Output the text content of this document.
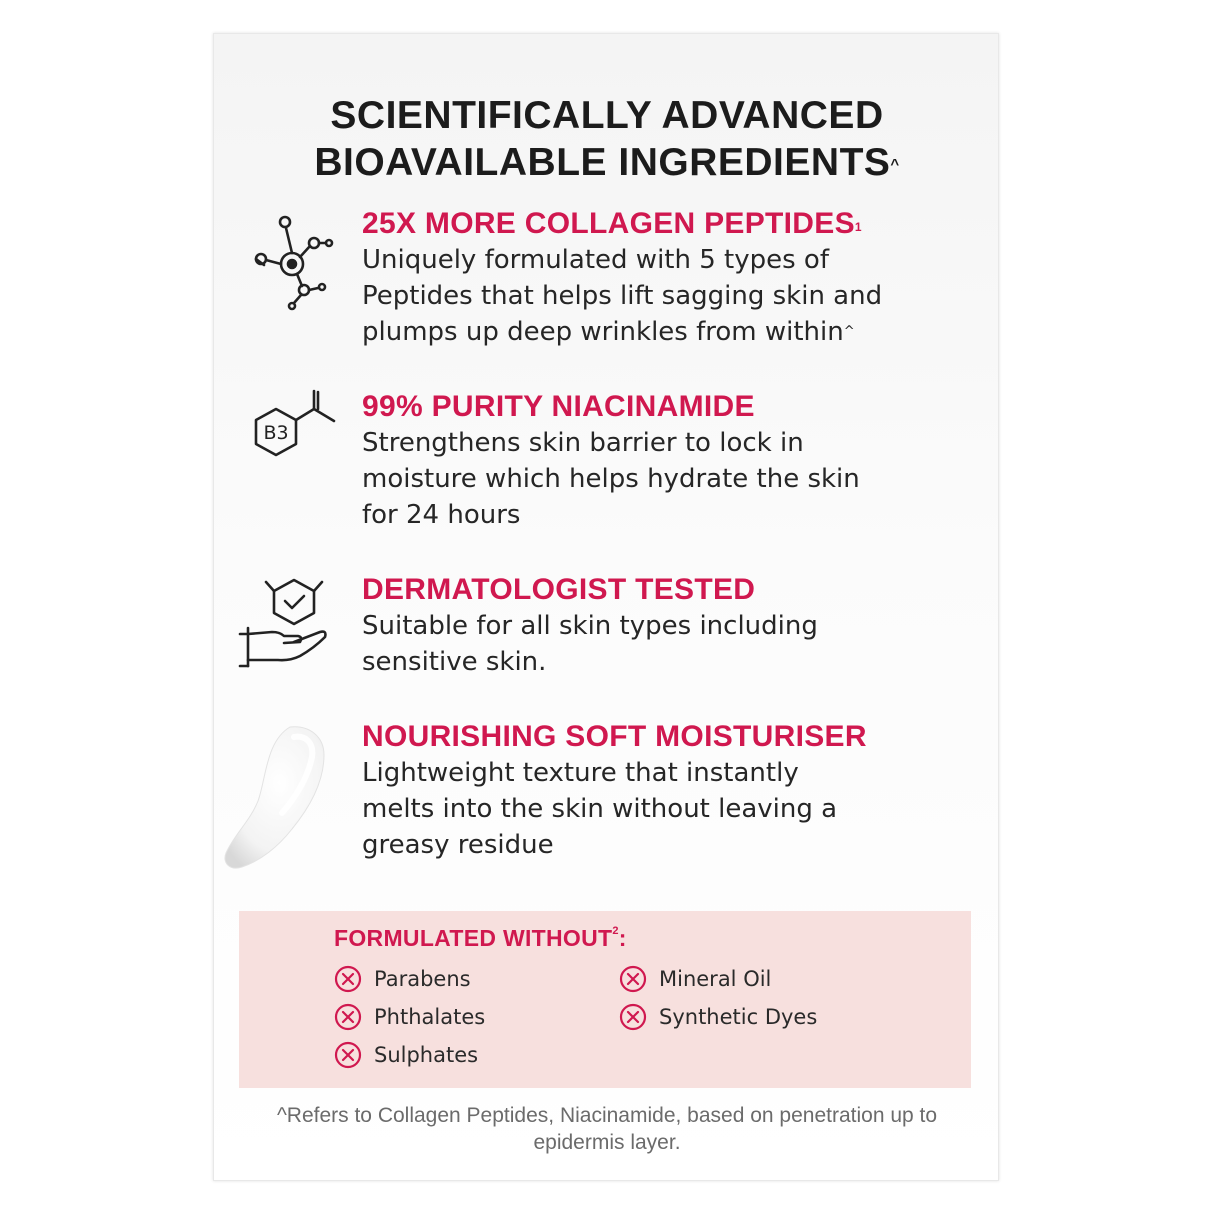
SCIENTIFICALLY ADVANCED
BIOAVAILABLE INGREDIENTS^
25X MORE COLLAGEN PEPTIDES$^1$

Uniquely formulated with 5 types of
Peptides that helps lift sagging skin and
plumps up deep wrinkles from within^

B3
99% PURITY NIACINAMIDE

Strengthens skin barrier to lock in
moisture which helps hydrate the skin
for 24 hours

DERMATOLOGIST TESTED

Suitable for all skin types including
sensitive skin.

NOURISHING SOFT MOISTURISER

Lightweight texture that instantly
melts into the skin without leaving a
greasy residue

FORMULATED WITHOUT$^2$:
Parabens
Phthalates
Sulphates
Mineral Oil
Synthetic Dyes
^Refers to Collagen Peptides, Niacinamide, based on penetration up to
epidermis layer.
